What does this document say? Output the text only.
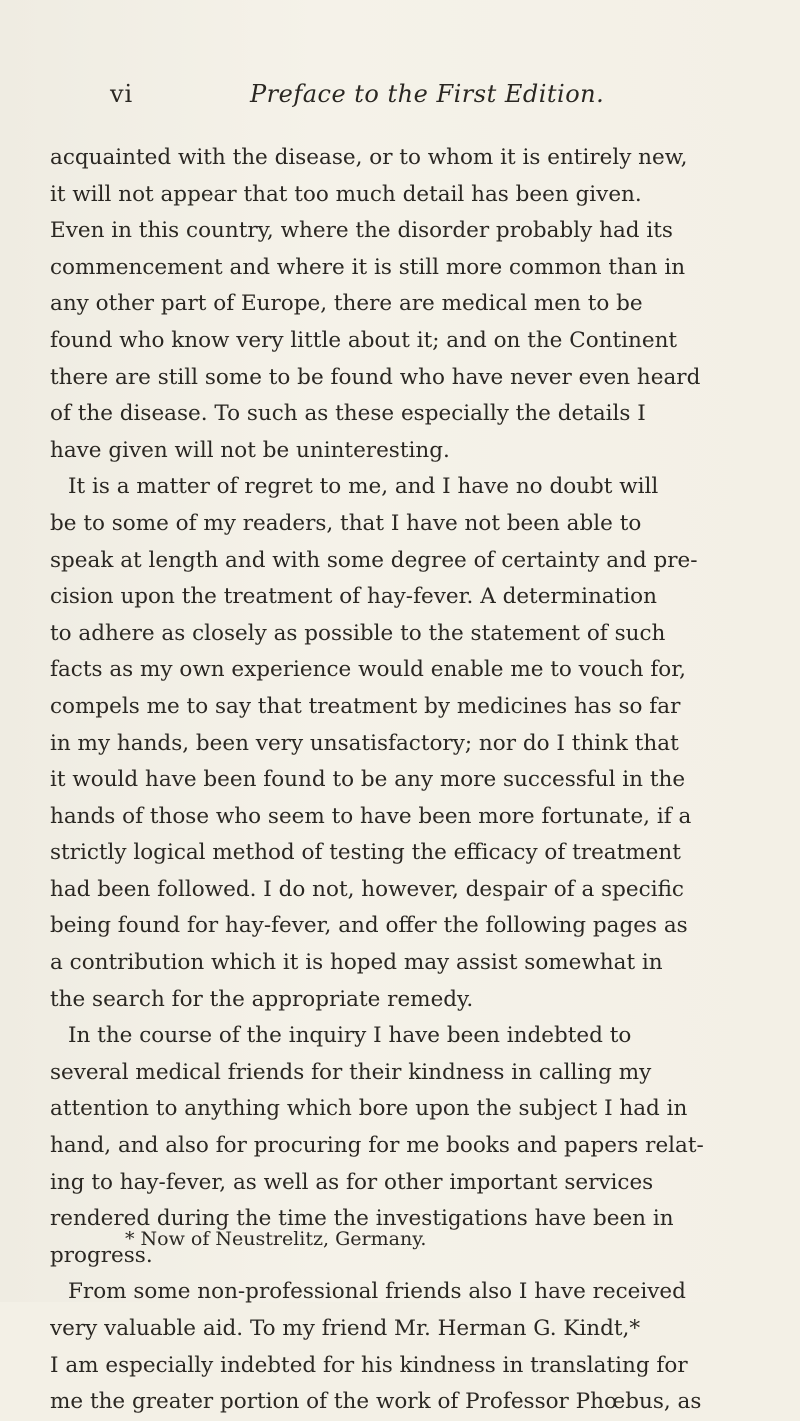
vi	Preface to the First Edition.
acquainted with the disease, or to whom it is entirely new,
it will not appear that too much detail has been given.
Even in this country, where the disorder probably had its
commencement and where it is still more common than in
any other part of Europe, there are medical men to be
found who know very little about it; and on the Continent
there are still some to be found who have never even heard
of the disease. To such as these especially the details I
have given will not be uninteresting.
It is a matter of regret to me, and I have no doubt will
be to some of my readers, that I have not been able to
speak at length and with some degree of certainty and pre-
cision upon the treatment of hay-fever. A determination
to adhere as closely as possible to the statement of such
facts as my own experience would enable me to vouch for,
compels me to say that treatment by medicines has so far
in my hands, been very unsatisfactory; nor do I think that
it would have been found to be any more successful in the
hands of those who seem to have been more fortunate, if a
strictly logical method of testing the efficacy of treatment
had been followed. I do not, however, despair of a specific
being found for hay-fever, and offer the following pages as
a contribution which it is hoped may assist somewhat in
the search for the appropriate remedy.
In the course of the inquiry I have been indebted to
several medical friends for their kindness in calling my
attention to anything which bore upon the subject I had in
hand, and also for procuring for me books and papers relat-
ing to hay-fever, as well as for other important services
rendered during the time the investigations have been in
progress.
From some non-professional friends also I have received
very valuable aid. To my friend Mr. Herman G. Kindt,*
I am especially indebted for his kindness in translating for
me the greater portion of the work of Professor Phœbus, as
* Now of Neustrelitz, Germany.
